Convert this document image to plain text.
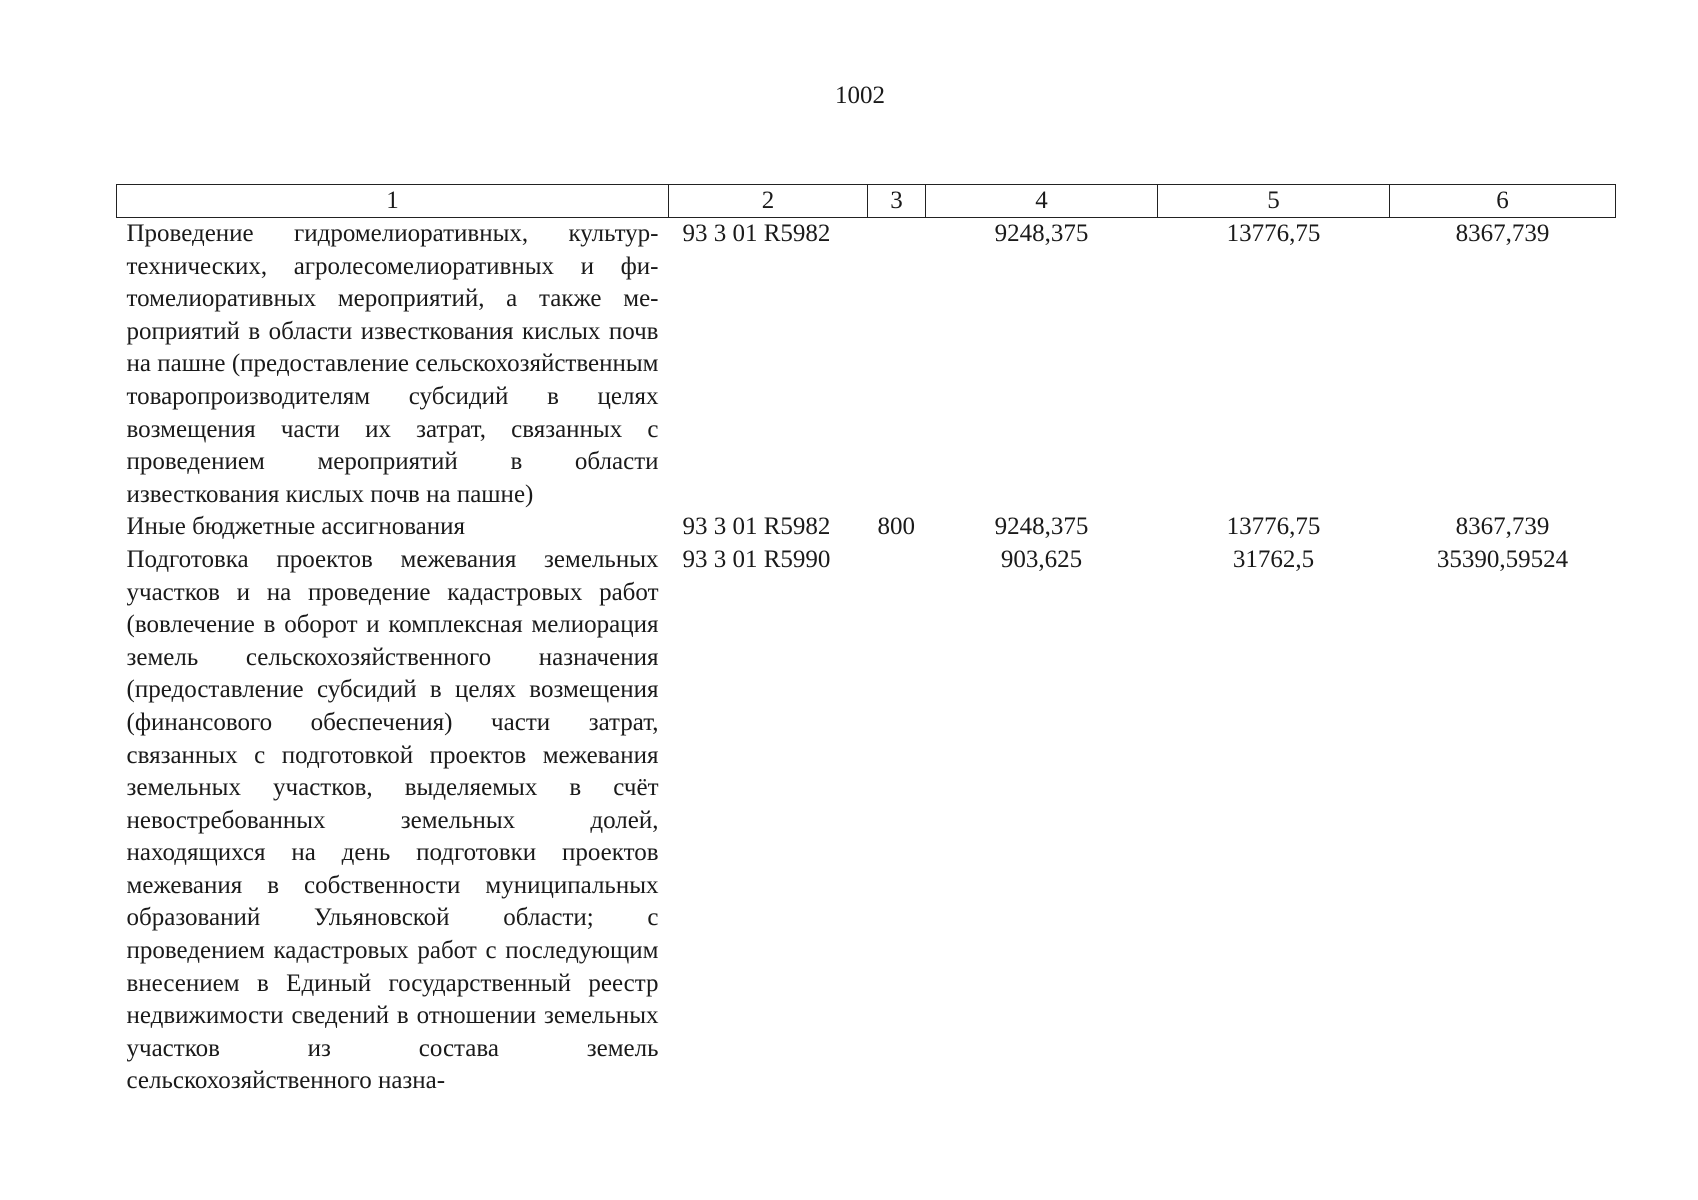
1002
1	2	3	4	5	6
Проведение гидромелиоративных, культуртехнических, агролесомелиоративных и фитомелиоративных мероприятий, а также мероприятий в области известкования кислых почв на пашне (предоставление сельскохозяйственным товаропроизводителям субсидий в целях возмещения части их затрат, связанных с проведением мероприятий в области известкования кислых почв на пашне)	93 3 01 R5982		9248,375	13776,75	8367,739
Иные бюджетные ассигнования	93 3 01 R5982	800	9248,375	13776,75	8367,739
Подготовка проектов межевания земельных участков и на проведение кадастровых работ (вовлечение в оборот и комплексная мелиорация земель сельскохозяйственного назначения (предоставление субсидий в целях возмещения (финансового обеспечения) части затрат, связанных с подготовкой проектов межевания земельных участков, выделяемых в счёт невостребованных земельных долей, находящихся на день подготовки проектов межевания в собственности муниципальных образований Ульяновской области; с проведением кадастровых работ с последующим внесением в Единый государственный реестр недвижимости сведений в отношении земельных участков из состава земель сельскохозяйственного назна-	93 3 01 R5990		903,625	31762,5	35390,59524
